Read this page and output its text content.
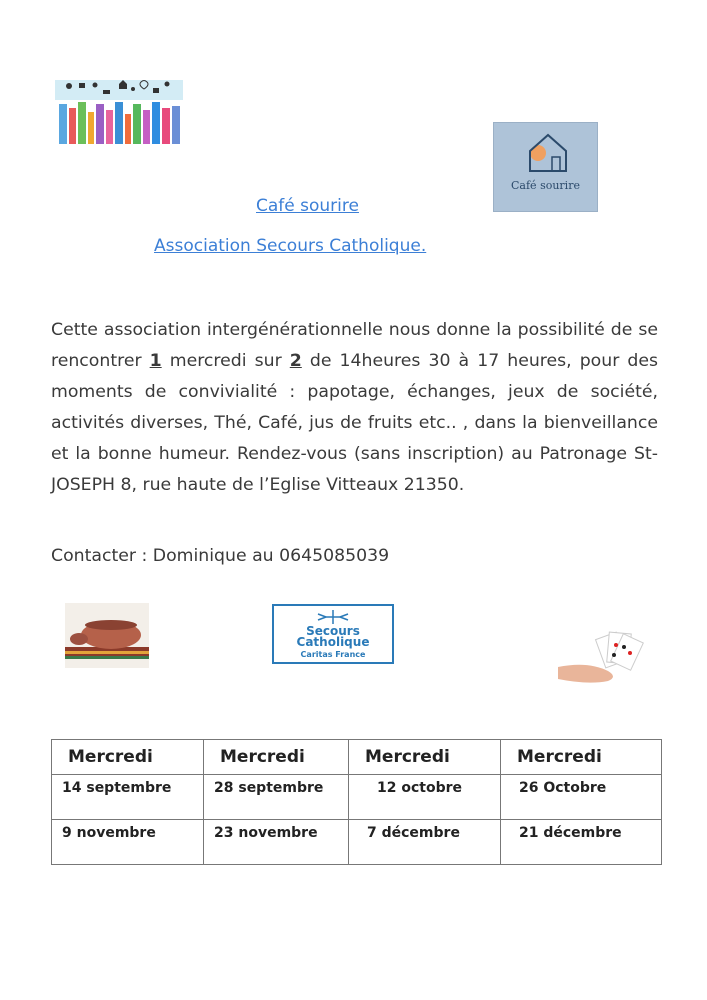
Café sourire
Café sourire
Association Secours Catholique.
Cette association intergénérationnelle nous donne la possibilité de se rencontrer 1 mercredi sur 2 de 14heures 30 à 17 heures, pour des moments de convivialité : papotage, échanges, jeux de société, activités diverses, Thé, Café, jus de fruits etc.. , dans la bienveillance et la bonne humeur. Rendez-vous (sans inscription) au Patronage St-JOSEPH 8, rue haute de l’Eglise Vitteaux 21350.
Contacter : Dominique au 0645085039
Secours
Catholique
Caritas France
Mercredi	Mercredi	Mercredi	Mercredi
14 septembre	28 septembre	12 octobre	26 Octobre
9 novembre	23 novembre	7 décembre	21 décembre
